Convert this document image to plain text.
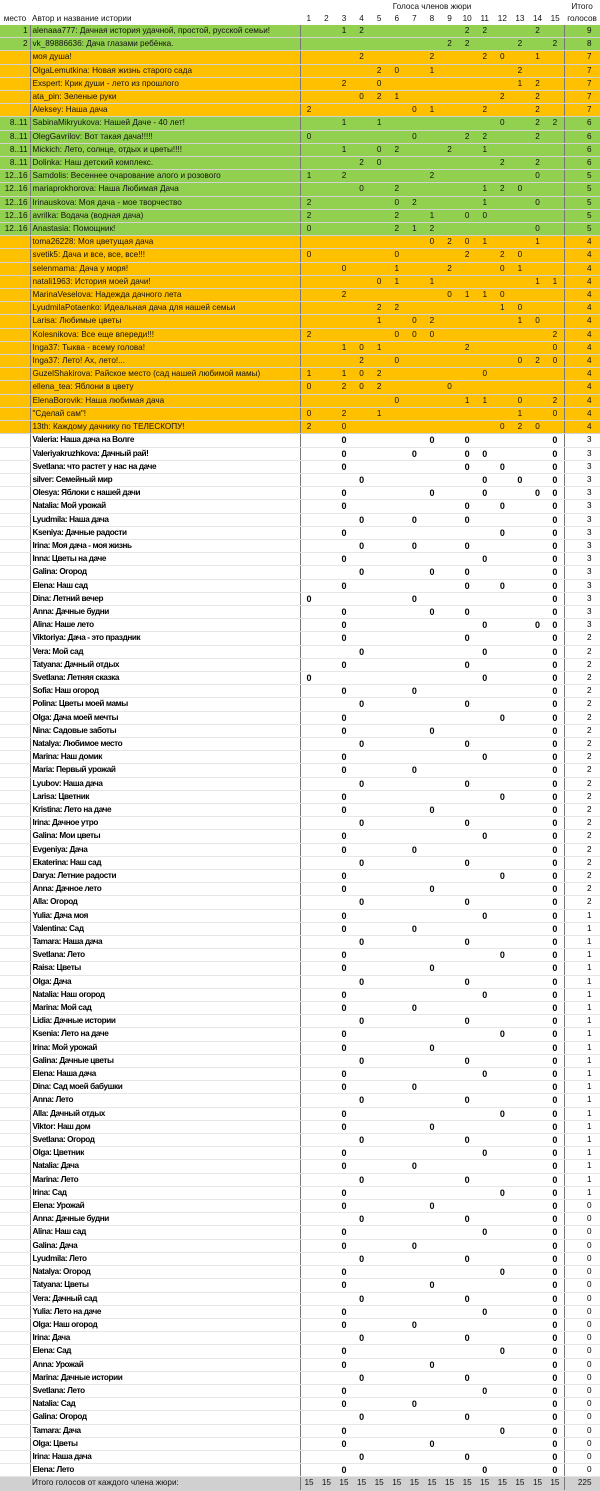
		Голоса членов жюри															Итого
место	Автор и название истории	1	2	3	4	5	6	7	8	9	10	11	12	13	14	15	голосов
1	alenaaa777: Дачная история удачной, простой, русской семьи!			1	2						2	2			2		9
2	vk_89886636: Дача глазами ребёнка.									2	2			2		2	8
	моя душа!				2				2			2	0		1		7
	OlgaLemutkina: Новая жизнь старого сада					2	0		1					2			7
	Exspert: Крик души - лето из прошлого			2		0								1	2		7
	ata_pin: Зеленые руки				0	2	1						2		2		7
	Aleksey: Наша дача	2						0	1			2			2		7
8..11	SabinaMikryukova: Нашей Даче - 40 лет!			1		1							0		2	2	6
8..11	OlegGavrilov: Вот такая дача!!!!!	0						0			2	2			2		6
8..11	Mickich: Лето, солнце, отдых и цветы!!!!			1		0	2			2		1					6
8..11	Dolinka: Наш детский комплекс.				2	0							2		2		6
12..16	Samdolis: Весеннее очарование алого и розового	1		2					2						0		5
12..16	mariaprokhorova: Наша Любимая Дача				0		2					1	2	0			5
12..16	Irinauskova: Моя дача - мое творчество	2					0	2				1			0		5
12..16	avrilka: Водача (водная дача)	2					2		1		0	0					5
12..16	Anastasia: Помощник!	0					2	1	2						0		5
	toma26228: Моя цветущая дача								0	2	0	1			1		4
	svetik5: Дача и все, все, все!!!	0					0				2		2	0			4
	selenmama: Дача у моря!			0			1			2			0	1			4
	natali1963: История моей дачи!					0	1		1						1	1	4
	MarinaVeselova: Надежда дачного лета			2						0	1	1	0				4
	LyudmilaPotaenko: Идеальная дача для нашей семьи					2	2						1	0			4
	Larisa: Любимые цветы					1		0	2					1	0		4
	Kolesnikova: Все еще впереди!!!	2					0	0	0							2	4
	Inga37: Тыква - всему голова!			1	0	1					2					0	4
	Inga37: Лето! Ах, лето!...				2		0							0	2	0	4
	GuzelShakirova: Райское место (сад нашей любимой мамы)	1		1	0	2						0					4
	ellena_tea: Яблони в цвету	0		2	0	2				0							4
	ElenaBorovik: Наша любимая дача						0				1	1		0		2	4
	"Сделай сам"!	0		2		1								1		0	4
	13th: Каждому дачнику по ТЕЛЕСКОПУ!	2		0									0	2	0		4
	Valeria: Наша дача на Волге			0					0		0					0	3
	Valeriyakruzhkova: Дачный рай!			0				0			0	0				0	3
	Svetlana: что растет у нас на даче			0							0		0			0	3
	silver: Семейный мир				0							0		0		0	3
	Olesya: Яблоки с нашей дачи			0					0			0			0	0	3
	Natalia: Мой урожай			0							0		0			0	3
	Lyudmila: Наша дача				0			0			0					0	3
	Kseniya: Дачные радости			0									0			0	3
	Irina: Моя дача - моя жизнь				0			0			0					0	3
	Inna: Цветы на даче			0								0				0	3
	Galina: Огород				0				0		0					0	3
	Elena: Наш сад			0							0		0			0	3
	Dina: Летний вечер	0						0								0	3
	Anna: Дачные будни			0					0		0					0	3
	Alina: Наше лето			0								0			0	0	3
	Viktoriya: Дача - это праздник			0							0					0	2
	Vera: Мой сад				0							0				0	2
	Tatyana: Дачный отдых			0							0					0	2
	Svetlana: Летняя сказка	0										0				0	2
	Sofia: Наш огород			0				0								0	2
	Polina: Цветы моей мамы				0						0					0	2
	Olga: Дача моей мечты			0									0			0	2
	Nina: Садовые заботы			0					0							0	2
	Natalya: Любимое место				0						0					0	2
	Marina: Наш домик			0								0				0	2
	Maria: Первый урожай			0				0								0	2
	Lyubov: Наша дача				0						0					0	2
	Larisa: Цветник			0									0			0	2
	Kristina: Лето на даче			0					0							0	2
	Irina: Дачное утро				0						0					0	2
	Galina: Мои цветы			0								0				0	2
	Evgeniya: Дача			0				0								0	2
	Ekaterina: Наш сад				0						0					0	2
	Darya: Летние радости			0									0			0	2
	Anna: Дачное лето			0					0							0	2
	Alla: Огород				0						0					0	2
	Yulia: Дача моя			0								0				0	1
	Valentina: Сад			0				0								0	1
	Tamara: Наша дача				0						0					0	1
	Svetlana: Лето			0									0			0	1
	Raisa: Цветы			0					0							0	1
	Olga: Дача				0						0					0	1
	Natalia: Наш огород			0								0				0	1
	Marina: Мой сад			0				0								0	1
	Lidia: Дачные истории				0						0					0	1
	Ksenia: Лето на даче			0									0			0	1
	Irina: Мой урожай			0					0							0	1
	Galina: Дачные цветы				0						0					0	1
	Elena: Наша дача			0								0				0	1
	Dina: Сад моей бабушки			0				0								0	1
	Anna: Лето				0						0					0	1
	Alla: Дачный отдых			0									0			0	1
	Viktor: Наш дом			0					0							0	1
	Svetlana: Огород				0						0					0	1
	Olga: Цветник			0								0				0	1
	Natalia: Дача			0				0								0	1
	Marina: Лето				0						0					0	1
	Irina: Сад			0									0			0	1
	Elena: Урожай			0					0							0	0
	Anna: Дачные будни				0						0					0	0
	Alina: Наш сад			0								0				0	0
	Galina: Дача			0				0								0	0
	Lyudmila: Лето				0						0					0	0
	Natalya: Огород			0									0			0	0
	Tatyana: Цветы			0					0							0	0
	Vera: Дачный сад				0						0					0	0
	Yulia: Лето на даче			0								0				0	0
	Olga: Наш огород			0				0								0	0
	Irina: Дача				0						0					0	0
	Elena: Сад			0									0			0	0
	Anna: Урожай			0					0							0	0
	Marina: Дачные истории				0						0					0	0
	Svetlana: Лето			0								0				0	0
	Natalia: Сад			0				0								0	0
	Galina: Огород				0						0					0	0
	Tamara: Дача			0									0			0	0
	Olga: Цветы			0					0							0	0
	Irina: Наша дача				0						0					0	0
	Elena: Лето			0								0				0	0
	Итого голосов от каждого члена жюри:	15	15	15	15	15	15	15	15	15	15	15	15	15	15	15	225
